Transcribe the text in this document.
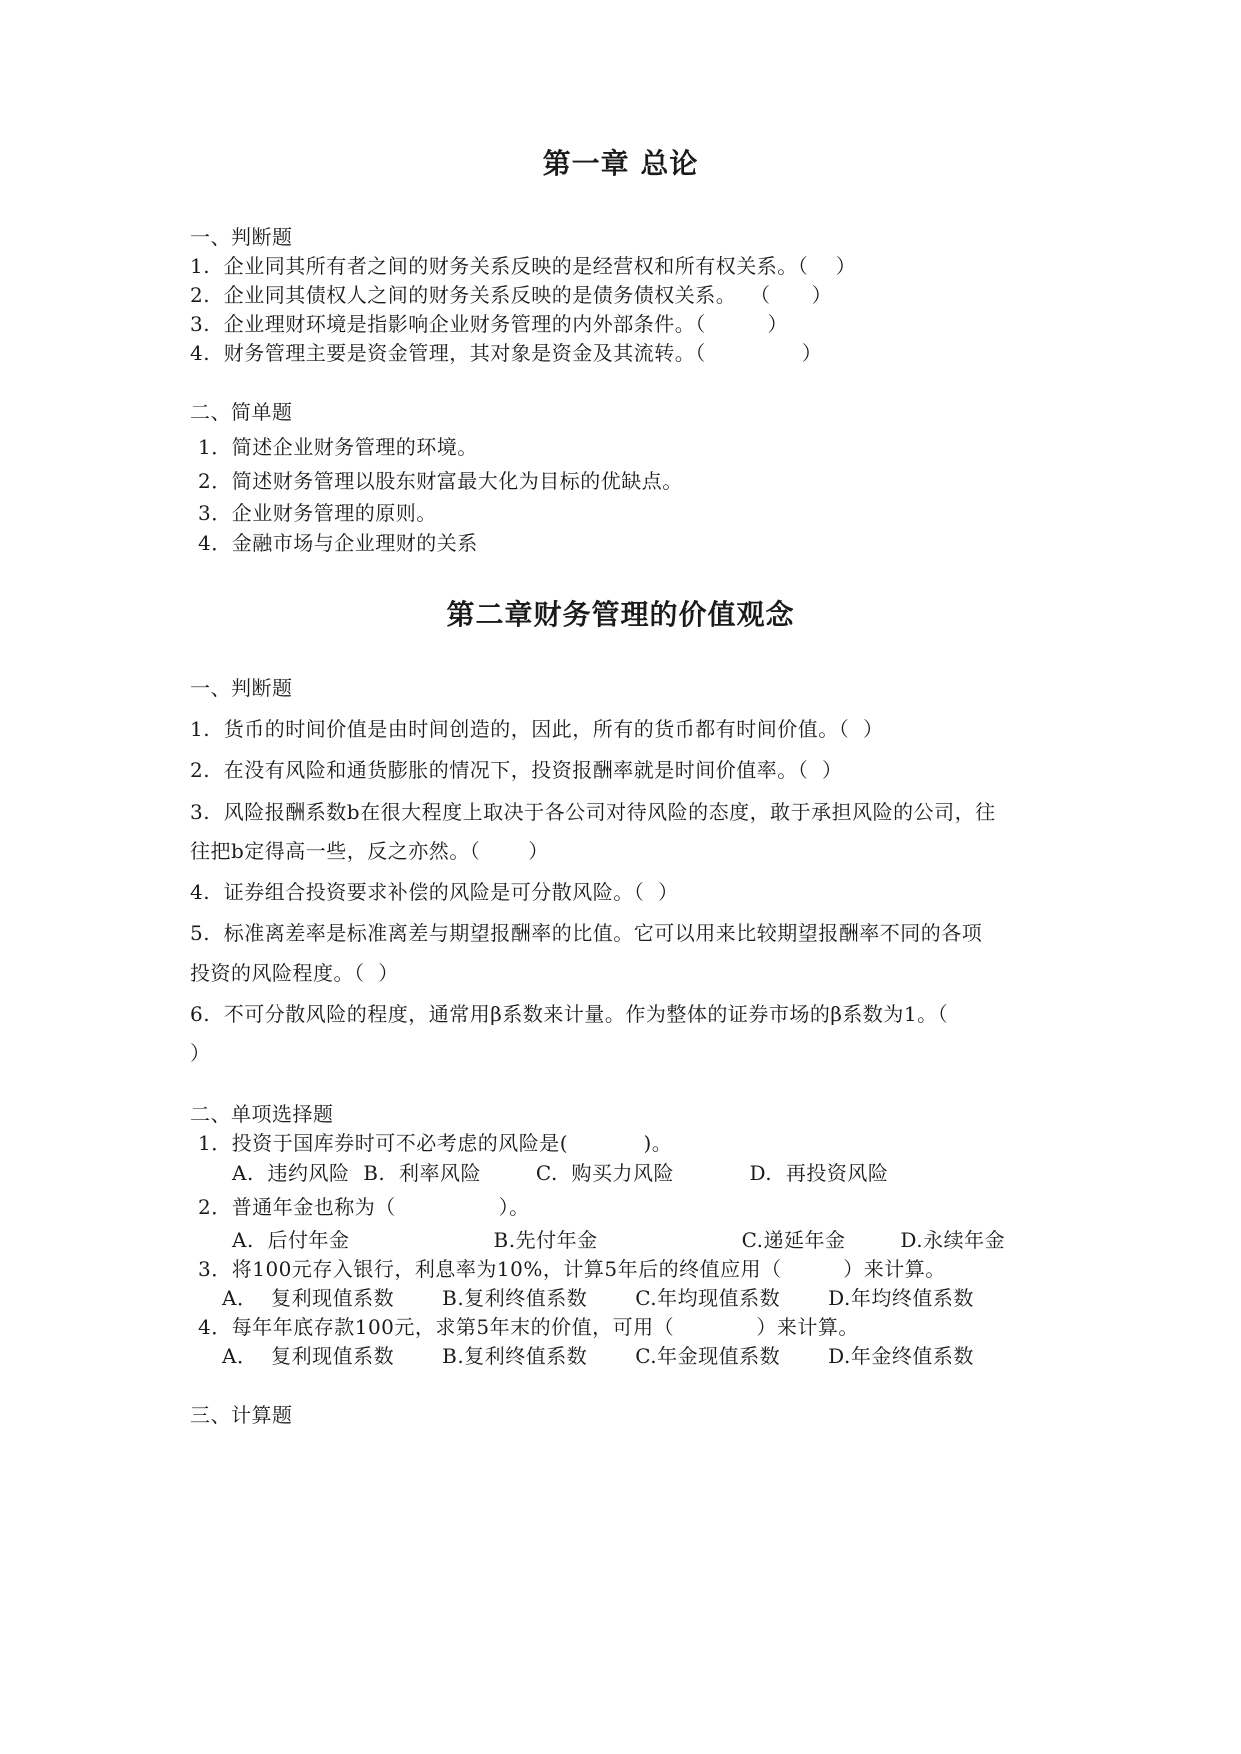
第一章 总论
一、判断题
1.  企业同其所有者之间的财务关系反映的是经营权和所有权关系。（    ）
2.  企业同其债权人之间的财务关系反映的是债务债权关系。  （      ）
3.  企业理财环境是指影响企业财务管理的内外部条件。（         ）
4.  财务管理主要是资金管理，其对象是资金及其流转。（              ）
二、简单题
1．简述企业财务管理的环境。
2．简述财务管理以股东财富最大化为目标的优缺点。
3．企业财务管理的原则。
4．金融市场与企业理财的关系
第二章财务管理的价值观念
一、判断题
1.  货币的时间价值是由时间创造的，因此，所有的货币都有时间价值。（  ）
2.  在没有风险和通货膨胀的情况下，投资报酬率就是时间价值率。（  ）
3.  风险报酬系数b在很大程度上取决于各公司对待风险的态度，敢于承担风险的公司，往
往把b定得高一些，反之亦然。（       ）
4.  证券组合投资要求补偿的风险是可分散风险。（  ）
5.  标准离差率是标准离差与期望报酬率的比值。它可以用来比较期望报酬率不同的各项
投资的风险程度。（  ）
6.  不可分散风险的程度，通常用β系数来计量。作为整体的证券市场的β系数为1。（
）
二、单项选择题
1．投资于国库券时可不必考虑的风险是(           )。
A.  违约风险  B.  利率风险        C.  购买力风险           D.  再投资风险
2．普通年金也称为（               ）。
A.  后付年金                     B.先付年金                     C.递延年金        D.永续年金
3．将100元存入银行，利息率为10%，计算5年后的终值应用（         ）来计算。
A．  复利现值系数       B.复利终值系数       C.年均现值系数       D.年均终值系数
4．每年年底存款100元，求第5年末的价值，可用（            ）来计算。
A．  复利现值系数       B.复利终值系数       C.年金现值系数       D.年金终值系数
三、计算题
